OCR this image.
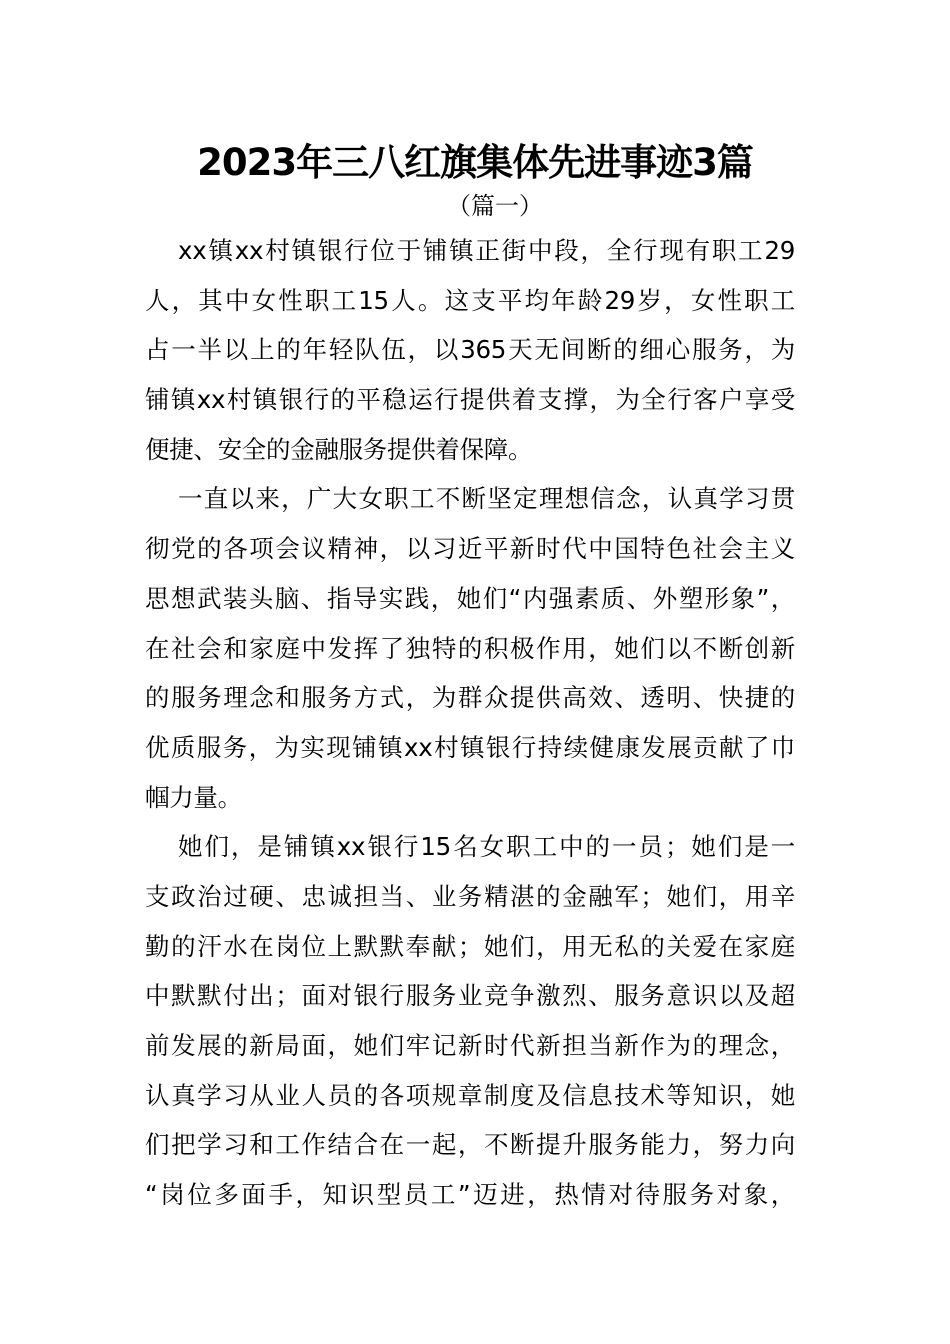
2023年三八红旗集体先进事迹3篇
（篇一）
xx镇xx村镇银行位于铺镇正街中段，全行现有职工29
人，其中女性职工15人。这支平均年龄29岁，女性职工
占一半以上的年轻队伍，以365天无间断的细心服务，为
铺镇xx村镇银行的平稳运行提供着支撑，为全行客户享受
便捷、安全的金融服务提供着保障。
一直以来，广大女职工不断坚定理想信念，认真学习贯
彻党的各项会议精神，以习近平新时代中国特色社会主义
思想武装头脑、指导实践，她们“内强素质、外塑形象”，
在社会和家庭中发挥了独特的积极作用，她们以不断创新
的服务理念和服务方式，为群众提供高效、透明、快捷的
优质服务，为实现铺镇xx村镇银行持续健康发展贡献了巾
帼力量。
她们，是铺镇xx银行15名女职工中的一员；她们是一
支政治过硬、忠诚担当、业务精湛的金融军；她们，用辛
勤的汗水在岗位上默默奉献；她们，用无私的关爱在家庭
中默默付出；面对银行服务业竞争激烈、服务意识以及超
前发展的新局面，她们牢记新时代新担当新作为的理念，
认真学习从业人员的各项规章制度及信息技术等知识，她
们把学习和工作结合在一起，不断提升服务能力，努力向
“岗位多面手，知识型员工”迈进，热情对待服务对象，
